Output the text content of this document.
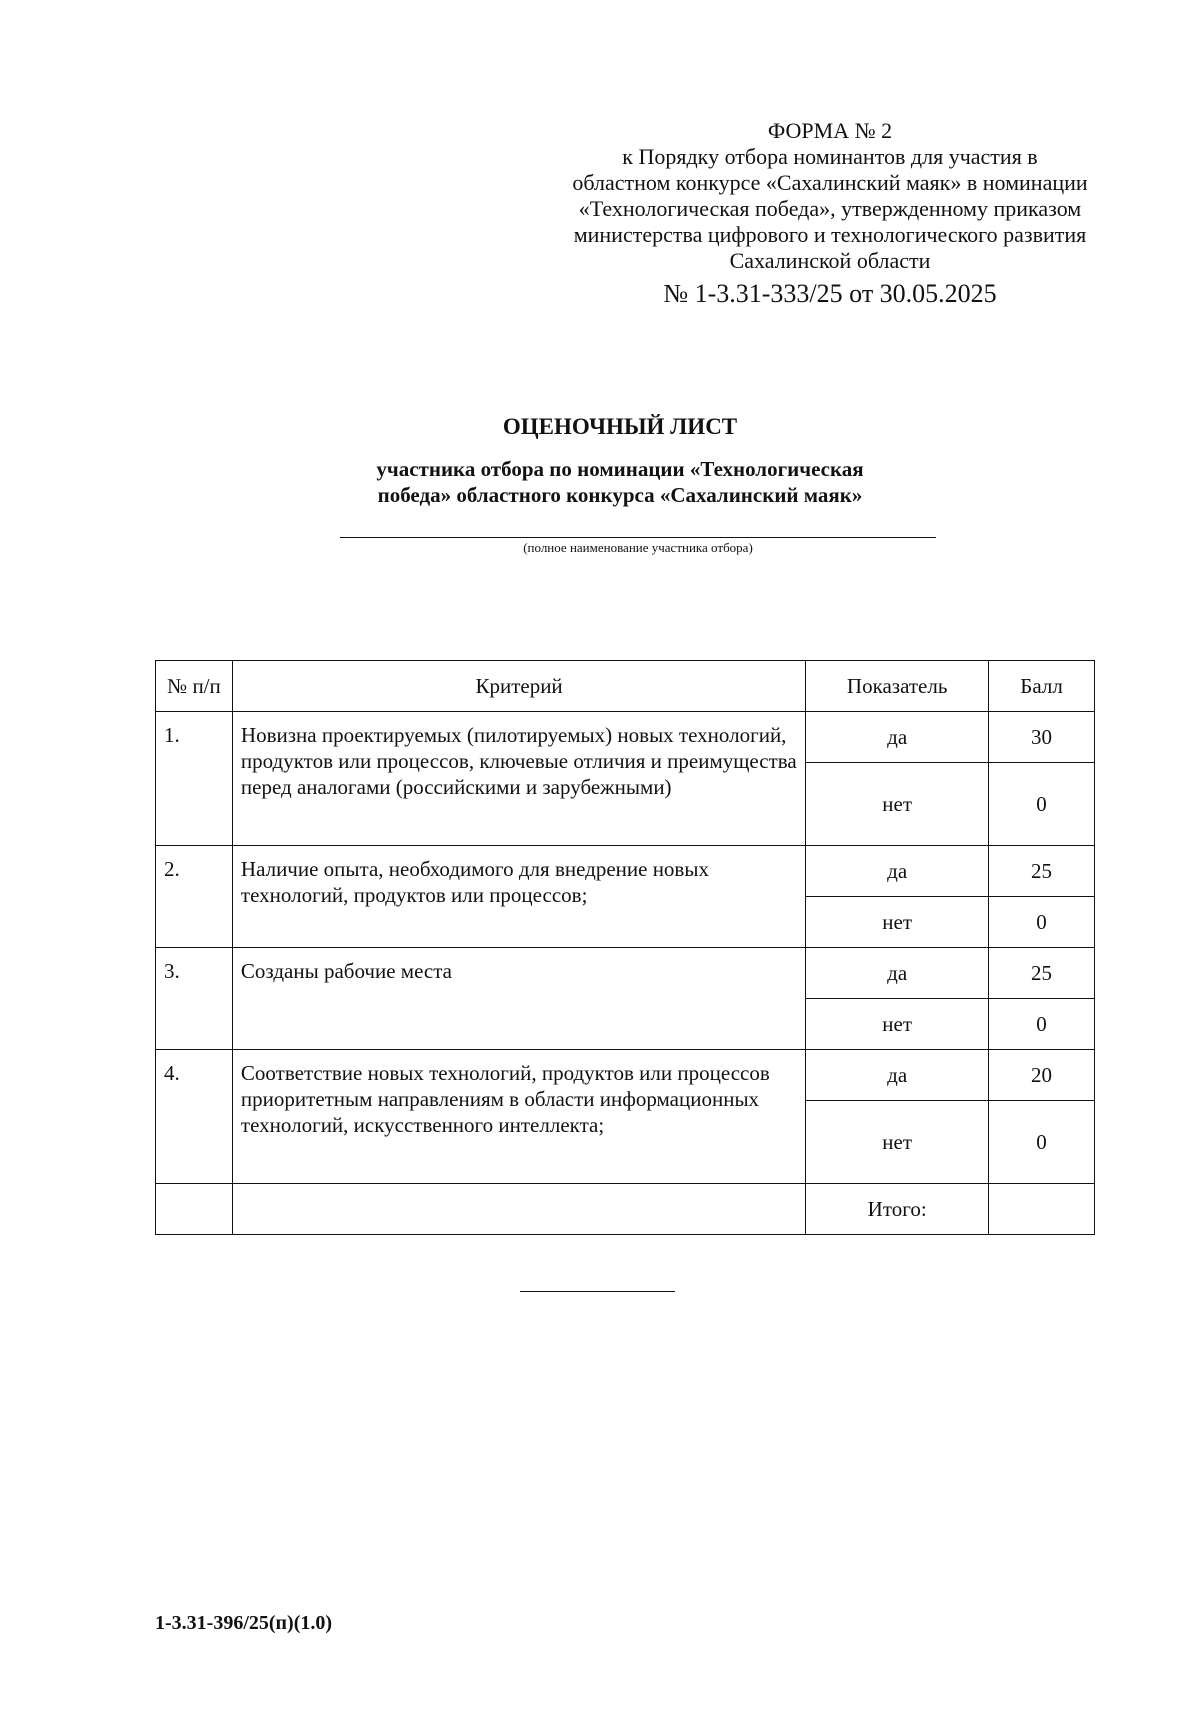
ФОРМА № 2
к Порядку отбора номинантов для участия в
областном конкурсе «Сахалинский маяк» в номинации
«Технологическая победа», утвержденному приказом
министерства цифрового и технологического развития
Сахалинской области
№ 1-3.31-333/25 от 30.05.2025
ОЦЕНОЧНЫЙ ЛИСТ
участника отбора по номинации «Технологическая
победа» областного конкурса «Сахалинский маяк»
(полное наименование участника отбора)
№ п/п	Критерий	Показатель	Балл
1.	Новизна проектируемых (пилотируемых) новых технологий, продуктов или процессов, ключевые отличия и преимущества перед аналогами (российскими и зарубежными)	да	30
		нет	0
2.	Наличие опыта, необходимого для внедрение новых технологий, продуктов или процессов;	да	25
		нет	0
3.	Созданы рабочие места	да	25
		нет	0
4.	Соответствие новых технологий, продуктов или процессов приоритетным направлениям в области информационных технологий, искусственного интеллекта;	да	20
		нет	0
		Итого:	
1-3.31-396/25(п)(1.0)
